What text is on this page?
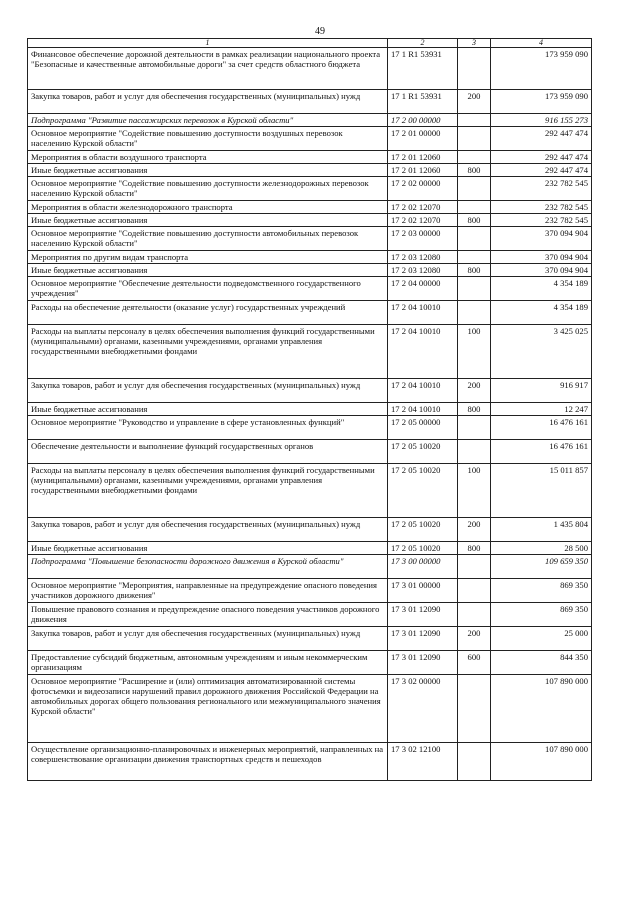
49
1	2	3	4
Финансовое обеспечение дорожной деятельности в рамках реализации национального проекта "Безопасные и качественные автомобильные дороги" за счет средств областного бюджета	17 1 R1 53931		173 959 090
Закупка товаров, работ и услуг для обеспечения государственных (муниципальных) нужд	17 1 R1 53931	200	173 959 090
Подпрограмма "Развитие пассажирских перевозок в Курской области"	17 2 00 00000		916 155 273
Основное мероприятие "Содействие повышению доступности воздушных перевозок населению Курской области"	17 2 01 00000		292 447 474
Мероприятия в области воздушного транспорта	17 2 01 12060		292 447 474
Иные бюджетные ассигнования	17 2 01 12060	800	292 447 474
Основное мероприятие "Содействие повышению доступности железнодорожных перевозок населению Курской области"	17 2 02 00000		232 782 545
Мероприятия в области железнодорожного транспорта	17 2 02 12070		232 782 545
Иные бюджетные ассигнования	17 2 02 12070	800	232 782 545
Основное мероприятие "Содействие повышению доступности автомобильных перевозок населению Курской области"	17 2 03 00000		370 094 904
Мероприятия по другим видам транспорта	17 2 03 12080		370 094 904
Иные бюджетные ассигнования	17 2 03 12080	800	370 094 904
Основное мероприятие "Обеспечение деятельности подведомственного государственного учреждения"	17 2 04 00000		4 354 189
Расходы на обеспечение деятельности (оказание услуг) государственных учреждений	17 2 04 10010		4 354 189
Расходы на выплаты персоналу в целях обеспечения выполнения функций государственными (муниципальными) органами, казенными учреждениями, органами управления государственными внебюджетными фондами	17 2 04 10010	100	3 425 025
Закупка товаров, работ и услуг для обеспечения государственных (муниципальных) нужд	17 2 04 10010	200	916 917
Иные бюджетные ассигнования	17 2 04 10010	800	12 247
Основное мероприятие "Руководство и управление в сфере установленных функций"	17 2 05 00000		16 476 161
Обеспечение деятельности и выполнение функций государственных органов	17 2 05 10020		16 476 161
Расходы на выплаты персоналу в целях обеспечения выполнения функций государственными (муниципальными) органами, казенными учреждениями, органами управления государственными внебюджетными фондами	17 2 05 10020	100	15 011 857
Закупка товаров, работ и услуг для обеспечения государственных (муниципальных) нужд	17 2 05 10020	200	1 435 804
Иные бюджетные ассигнования	17 2 05 10020	800	28 500
Подпрограмма "Повышение безопасности дорожного движения в Курской области"	17 3 00 00000		109 659 350
Основное мероприятие "Мероприятия, направленные на предупреждение опасного поведения участников дорожного движения"	17 3 01 00000		869 350
Повышение правового сознания и предупреждение опасного поведения участников дорожного движения	17 3 01 12090		869 350
Закупка товаров, работ и услуг для обеспечения государственных (муниципальных) нужд	17 3 01 12090	200	25 000
Предоставление субсидий бюджетным, автономным учреждениям и иным некоммерческим организациям	17 3 01 12090	600	844 350
Основное мероприятие "Расширение и (или) оптимизация автоматизированной системы фотосъемки и видеозаписи нарушений правил дорожного движения Российской Федерации на автомобильных дорогах общего пользования регионального или межмуниципального значения Курской области"	17 3 02 00000		107 890 000
Осуществление организационно-планировочных и инженерных мероприятий, направленных на совершенствование организации движения транспортных средств и пешеходов	17 3 02 12100		107 890 000
